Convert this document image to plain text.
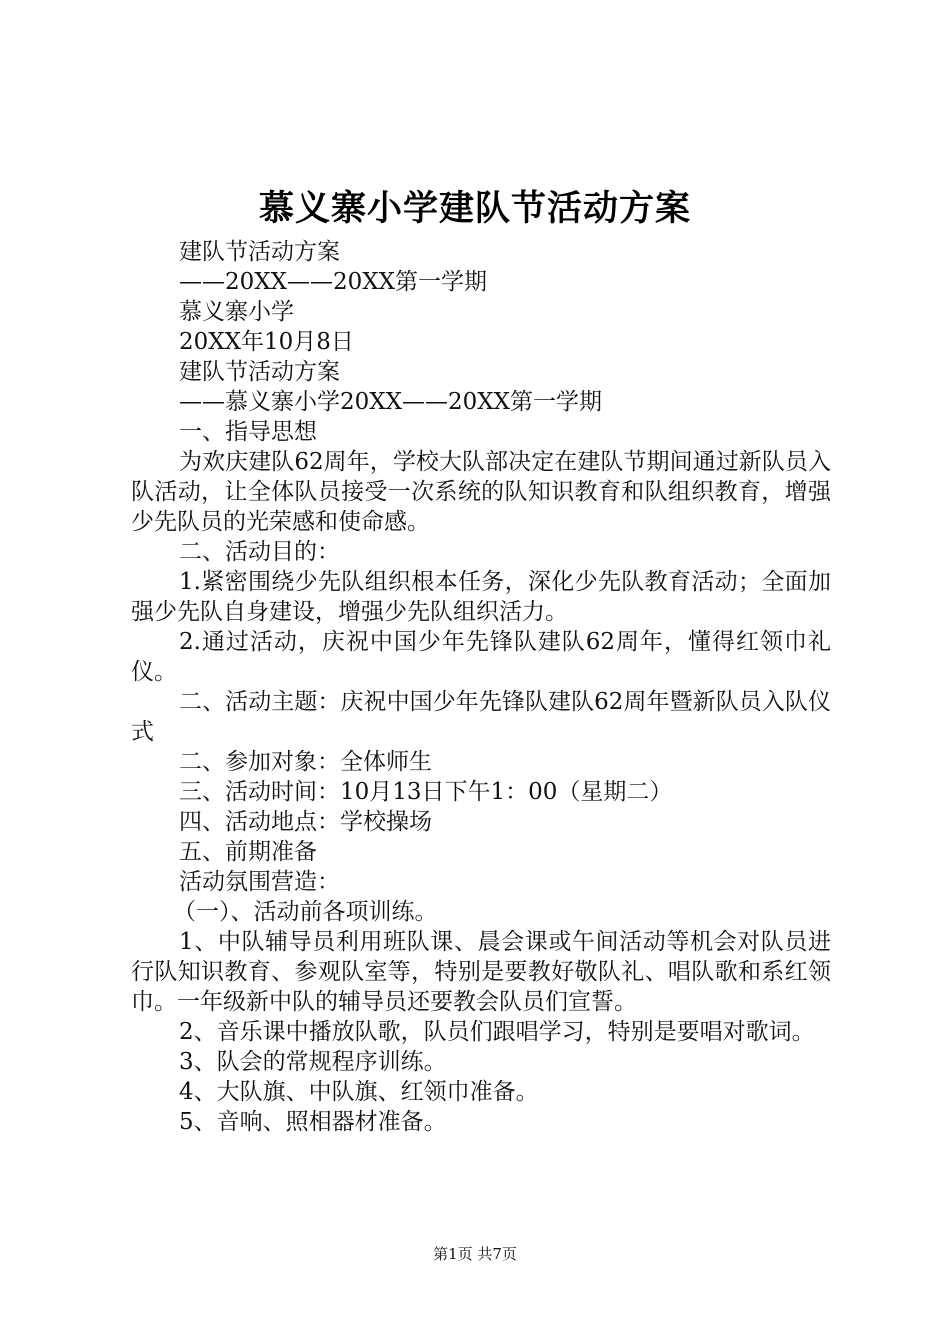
慕义寨小学建队节活动方案

建队节活动方案

——20XX——20XX第一学期

慕义寨小学

20XX年10月8日

建队节活动方案

——慕义寨小学20XX——20XX第一学期

一、指导思想

为欢庆建队62周年，学校大队部决定在建队节期间通过新队员入队活动，让全体队员接受一次系统的队知识教育和队组织教育，增强少先队员的光荣感和使命感。

二、活动目的：

1.紧密围绕少先队组织根本任务，深化少先队教育活动；全面加强少先队自身建设，增强少先队组织活力。

2.通过活动，庆祝中国少年先锋队建队62周年，懂得红领巾礼仪。

二、活动主题：庆祝中国少年先锋队建队62周年暨新队员入队仪式

二、参加对象：全体师生

三、活动时间：10月13日下午1：00（星期二）

四、活动地点：学校操场

五、前期准备

活动氛围营造：

（一）、活动前各项训练。

1、中队辅导员利用班队课、晨会课或午间活动等机会对队员进行队知识教育、参观队室等，特别是要教好敬队礼、唱队歌和系红领巾。一年级新中队的辅导员还要教会队员们宣誓。

2、音乐课中播放队歌，队员们跟唱学习，特别是要唱对歌词。

3、队会的常规程序训练。

4、大队旗、中队旗、红领巾准备。

5、音响、照相器材准备。

第1页 共7页
